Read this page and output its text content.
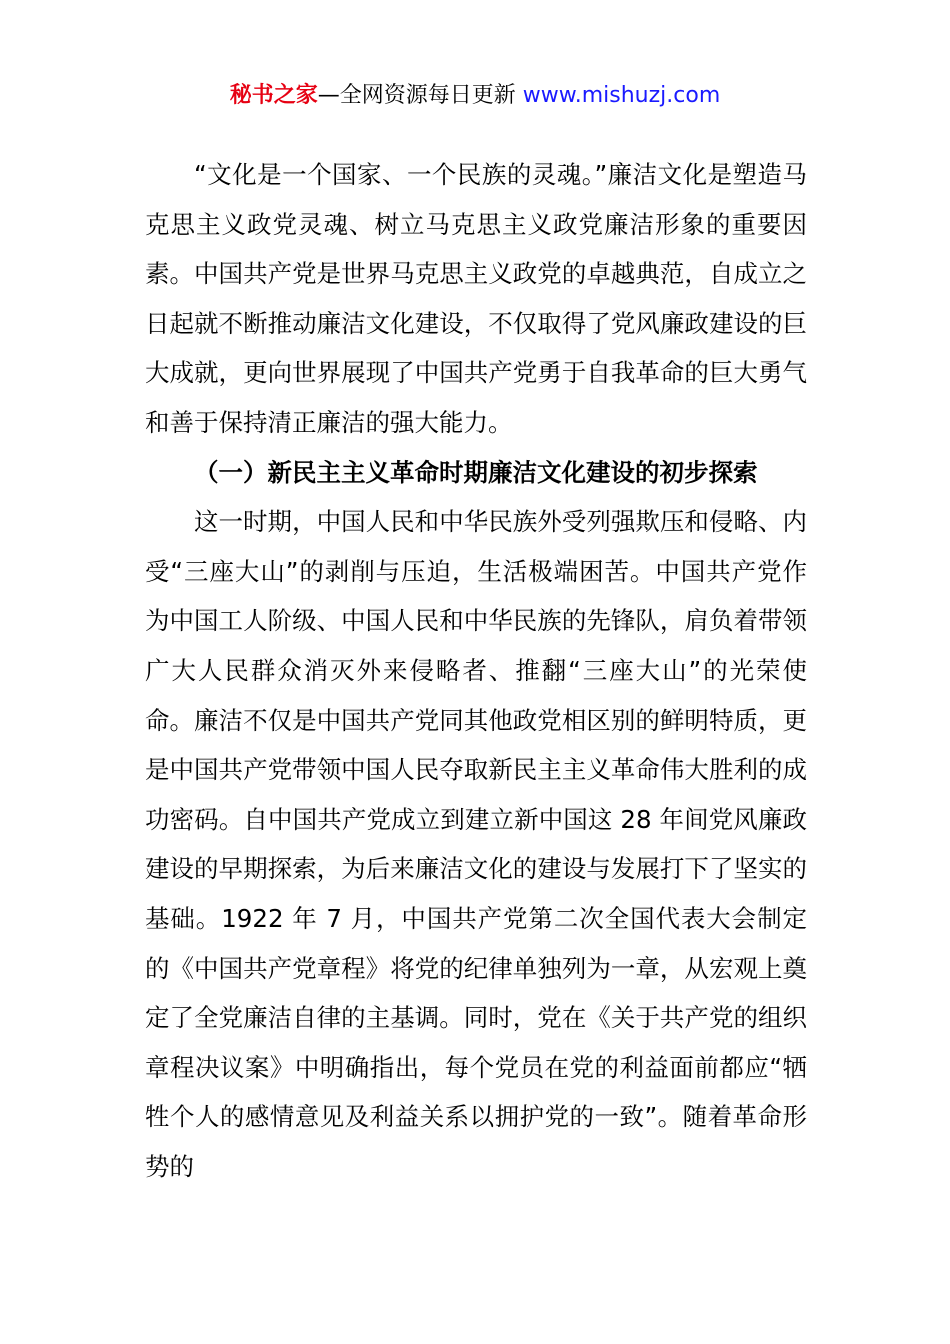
秘书之家—全网资源每日更新 www.mishuzj.com

“文化是一个国家、一个民族的灵魂。”廉洁文化是塑造马克思主义政党灵魂、树立马克思主义政党廉洁形象的重要因素。中国共产党是世界马克思主义政党的卓越典范，自成立之日起就不断推动廉洁文化建设，不仅取得了党风廉政建设的巨大成就，更向世界展现了中国共产党勇于自我革命的巨大勇气和善于保持清正廉洁的强大能力。

（一）新民主主义革命时期廉洁文化建设的初步探索

这一时期，中国人民和中华民族外受列强欺压和侵略、内受“三座大山”的剥削与压迫，生活极端困苦。中国共产党作为中国工人阶级、中国人民和中华民族的先锋队，肩负着带领广大人民群众消灭外来侵略者、推翻“三座大山”的光荣使命。廉洁不仅是中国共产党同其他政党相区别的鲜明特质，更是中国共产党带领中国人民夺取新民主主义革命伟大胜利的成功密码。自中国共产党成立到建立新中国这 28 年间党风廉政建设的早期探索，为后来廉洁文化的建设与发展打下了坚实的基础。1922 年 7 月，中国共产党第二次全国代表大会制定的《中国共产党章程》将党的纪律单独列为一章，从宏观上奠定了全党廉洁自律的主基调。同时，党在《关于共产党的组织章程决议案》中明确指出，每个党员在党的利益面前都应“牺牲个人的感情意见及利益关系以拥护党的一致”。随着革命形势的
